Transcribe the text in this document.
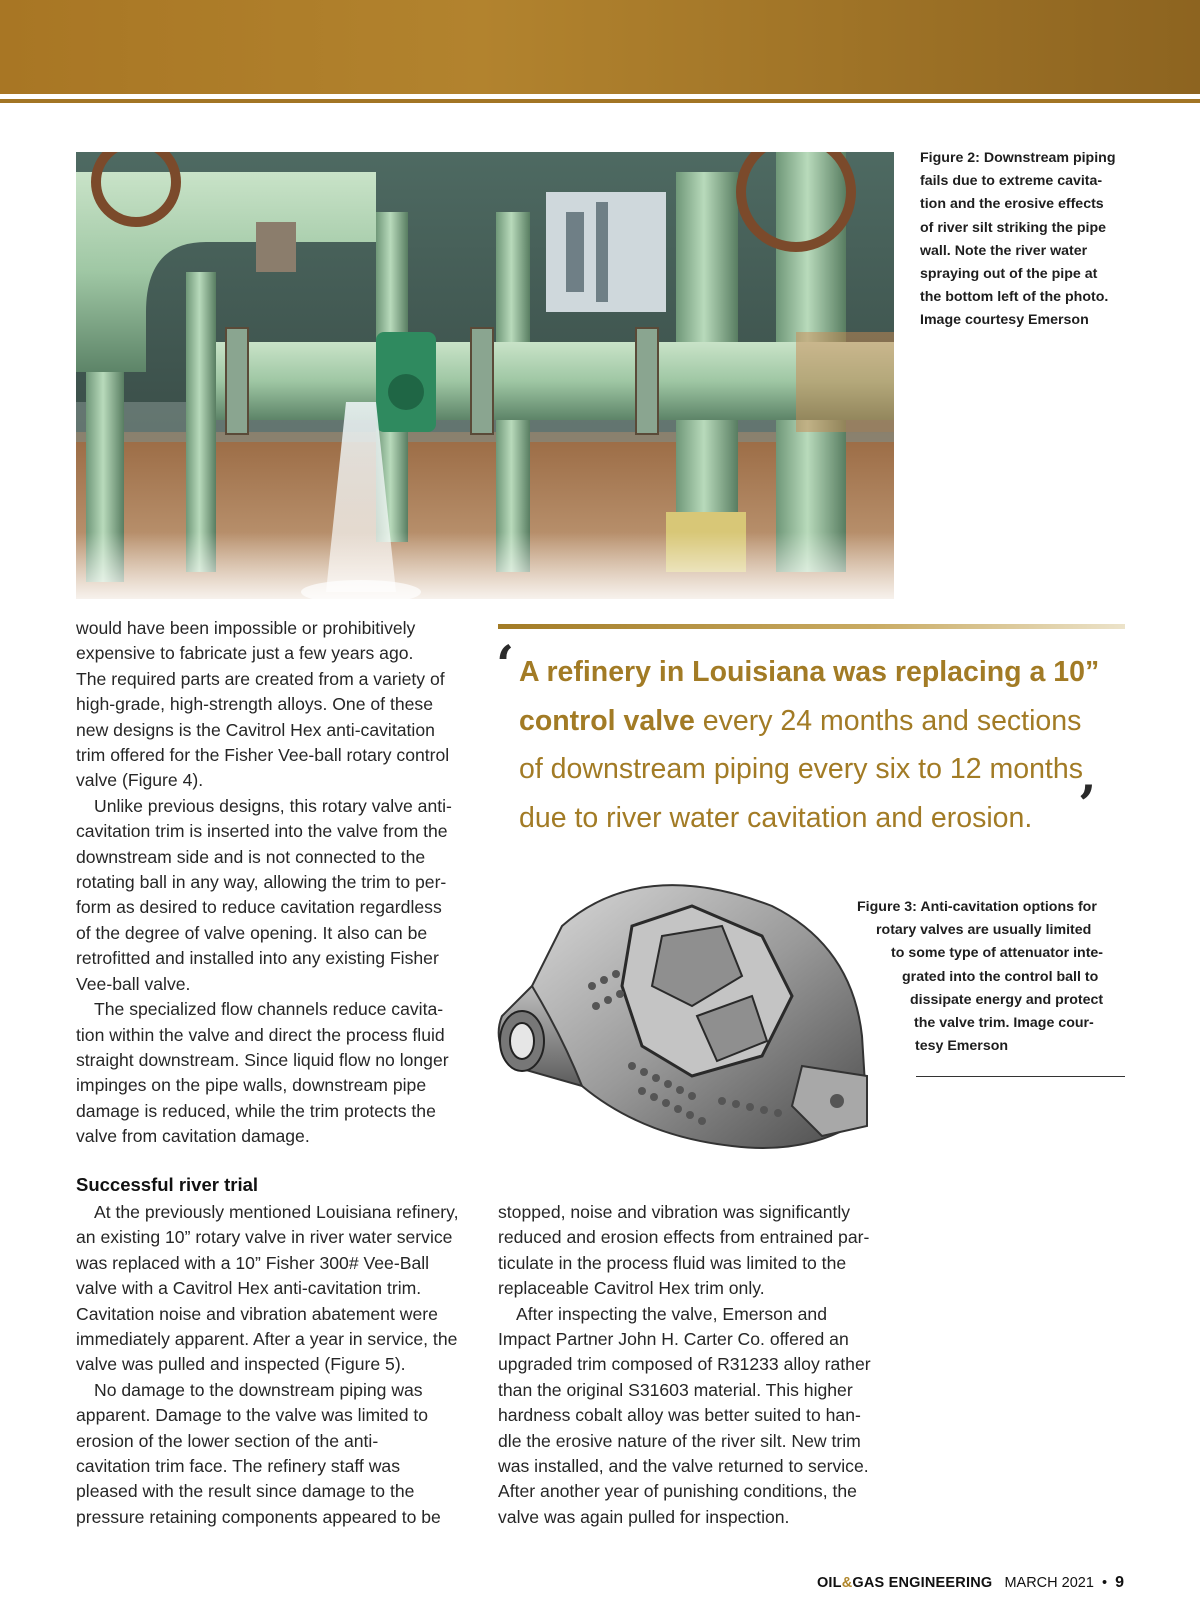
Figure 2: Downstream piping
fails due to extreme cavita-
tion and the erosive effects
of river silt striking the pipe
wall. Note the river water
spraying out of the pipe at
the bottom left of the photo.
Image courtesy Emerson

would have been impossible or prohibitively

expensive to fabricate just a few years ago.

The required parts are created from a variety of

high-grade, high-strength alloys. One of these

new designs is the Cavitrol Hex anti-cavitation

trim offered for the Fisher Vee-ball rotary control

valve (Figure 4).

Unlike previous designs, this rotary valve anti-

cavitation trim is inserted into the valve from the

downstream side and is not connected to the

rotating ball in any way, allowing the trim to per-

form as desired to reduce cavitation regardless

of the degree of valve opening. It also can be

retrofitted and installed into any existing Fisher

Vee-ball valve.

The specialized flow channels reduce cavita-

tion within the valve and direct the process fluid

straight downstream. Since liquid flow no longer

impinges on the pipe walls, downstream pipe

damage is reduced, while the trim protects the

valve from cavitation damage.

‘ A refinery in Louisiana was replacing a 10”
control valve every 24 months and sections
of downstream piping every six to 12 months
due to river water cavitation and erosion. ’
Figure 3: Anti-cavitation options for
rotary valves are usually limited
to some type of attenuator inte-
grated into the control ball to
dissipate energy and protect
the valve trim. Image cour-
tesy Emerson
Successful river trial

At the previously mentioned Louisiana refinery,

an existing 10” rotary valve in river water service

was replaced with a 10” Fisher 300# Vee-Ball

valve with a Cavitrol Hex anti-cavitation trim.

Cavitation noise and vibration abatement were

immediately apparent. After a year in service, the

valve was pulled and inspected (Figure 5).

No damage to the downstream piping was

apparent. Damage to the valve was limited to

erosion of the lower section of the anti-

cavitation trim face. The refinery staff was

pleased with the result since damage to the

pressure retaining components appeared to be

stopped, noise and vibration was significantly

reduced and erosion effects from entrained par-

ticulate in the process fluid was limited to the

replaceable Cavitrol Hex trim only.

After inspecting the valve, Emerson and

Impact Partner John H. Carter Co. offered an

upgraded trim composed of R31233 alloy rather

than the original S31603 material. This higher

hardness cobalt alloy was better suited to han-

dle the erosive nature of the river silt. New trim

was installed, and the valve returned to service.

After another year of punishing conditions, the

valve was again pulled for inspection.

OIL&GAS ENGINEERING MARCH 2021 • 9
